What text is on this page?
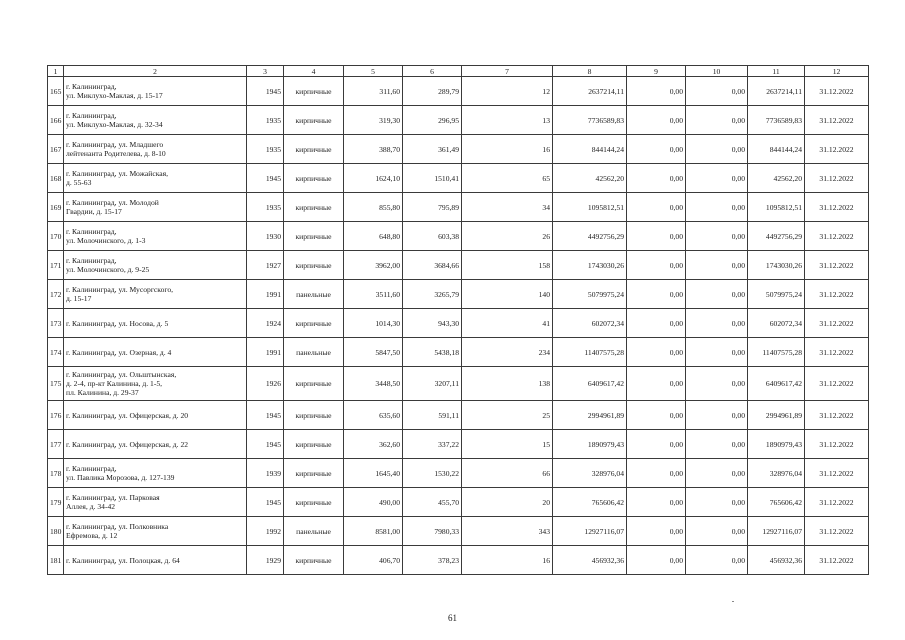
1	2	3	4	5	6	7	8	9	10	11	12
165	г. Калининград,
ул. Миклухо-Маклая, д. 15-17	1945	кирпичные	311,60	289,79	12	2637214,11	0,00	0,00	2637214,11	31.12.2022
166	г. Калининград,
ул. Миклухо-Маклая, д. 32-34	1935	кирпичные	319,30	296,95	13	7736589,83	0,00	0,00	7736589,83	31.12.2022
167	г. Калининград, ул. Младшего
лейтенанта Родителева, д. 8-10	1935	кирпичные	388,70	361,49	16	844144,24	0,00	0,00	844144,24	31.12.2022
168	г. Калининград, ул. Можайская,
д. 55-63	1945	кирпичные	1624,10	1510,41	65	42562,20	0,00	0,00	42562,20	31.12.2022
169	г. Калининград, ул. Молодой
Гвардии, д. 15-17	1935	кирпичные	855,80	795,89	34	1095812,51	0,00	0,00	1095812,51	31.12.2022
170	г. Калининград,
ул. Молочинского, д. 1-3	1930	кирпичные	648,80	603,38	26	4492756,29	0,00	0,00	4492756,29	31.12.2022
171	г. Калининград,
ул. Молочинского, д. 9-25	1927	кирпичные	3962,00	3684,66	158	1743030,26	0,00	0,00	1743030,26	31.12.2022
172	г. Калининград, ул. Мусоргского,
д. 15-17	1991	панельные	3511,60	3265,79	140	5079975,24	0,00	0,00	5079975,24	31.12.2022
173	г. Калининград, ул. Носова, д. 5	1924	кирпичные	1014,30	943,30	41	602072,34	0,00	0,00	602072,34	31.12.2022
174	г. Калининград, ул. Озерная, д. 4	1991	панельные	5847,50	5438,18	234	11407575,28	0,00	0,00	11407575,28	31.12.2022
175	г. Калининград, ул. Ольштынская,
д. 2-4, пр-кт Калинина, д. 1-5,
пл. Калинина, д. 29-37	1926	кирпичные	3448,50	3207,11	138	6409617,42	0,00	0,00	6409617,42	31.12.2022
176	г. Калининград, ул. Офицерская, д. 20	1945	кирпичные	635,60	591,11	25	2994961,89	0,00	0,00	2994961,89	31.12.2022
177	г. Калининград, ул. Офицерская, д. 22	1945	кирпичные	362,60	337,22	15	1890979,43	0,00	0,00	1890979,43	31.12.2022
178	г. Калининград,
ул. Павлика Морозова, д. 127-139	1939	кирпичные	1645,40	1530,22	66	328976,04	0,00	0,00	328976,04	31.12.2022
179	г. Калининград, ул. Парковая
Аллея, д. 34-42	1945	кирпичные	490,00	455,70	20	765606,42	0,00	0,00	765606,42	31.12.2022
180	г. Калининград, ул. Полковника
Ефремова, д. 12	1992	панельные	8581,00	7980,33	343	12927116,07	0,00	0,00	12927116,07	31.12.2022
181	г. Калининград, ул. Полоцкая, д. 64	1929	кирпичные	406,70	378,23	16	456932,36	0,00	0,00	456932,36	31.12.2022
61
